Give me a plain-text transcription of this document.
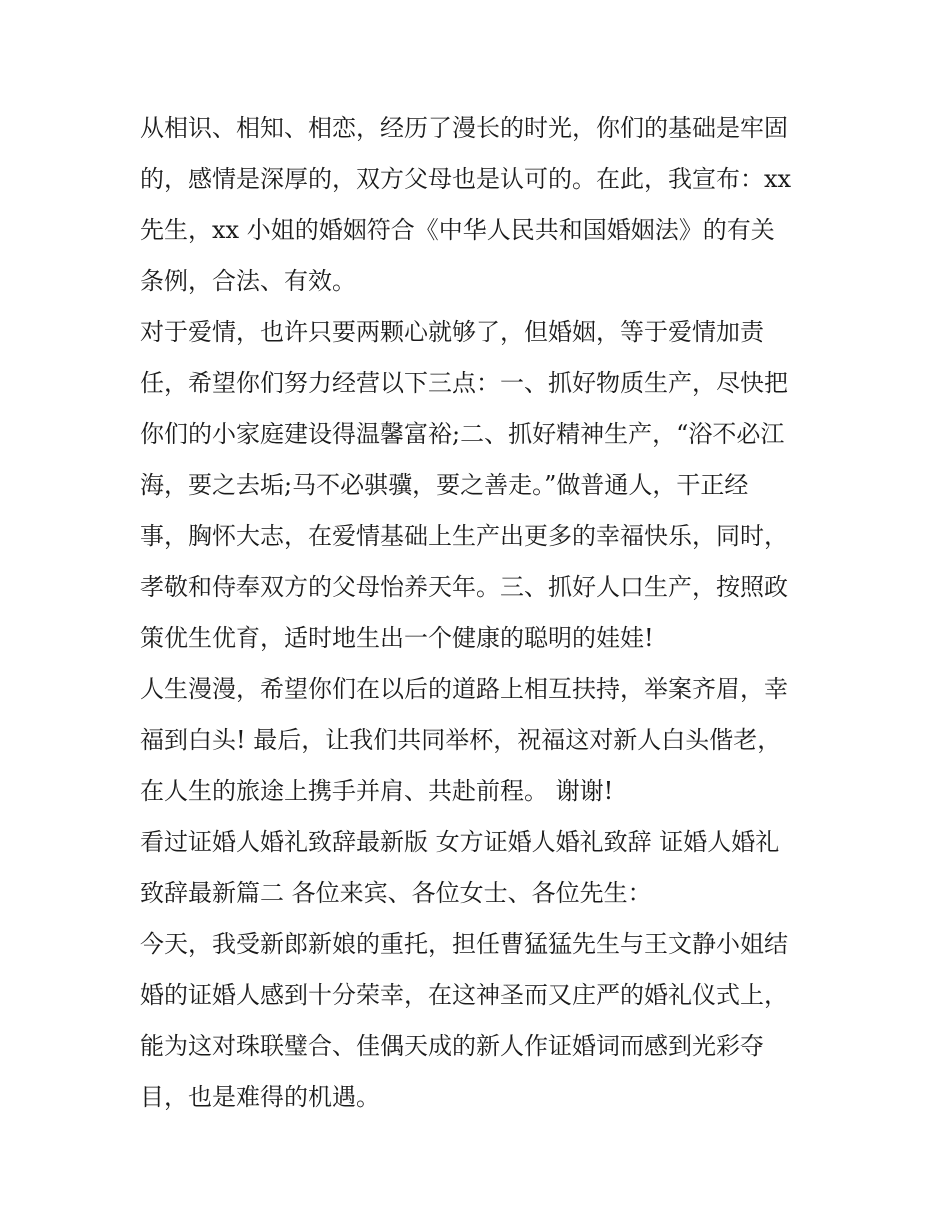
从相识、相知、相恋，经历了漫长的时光，你们的基础是牢固
的，感情是深厚的，双方父母也是认可的。在此，我宣布：xx
先生，xx 小姐的婚姻符合《中华人民共和国婚姻法》的有关
条例，合法、有效。
对于爱情，也许只要两颗心就够了，但婚姻，等于爱情加责
任，希望你们努力经营以下三点：一、抓好物质生产，尽快把
你们的小家庭建设得温馨富裕;二、抓好精神生产，“浴不必江
海，要之去垢;马不必骐骥，要之善走。”做普通人，干正经
事，胸怀大志，在爱情基础上生产出更多的幸福快乐，同时，
孝敬和侍奉双方的父母怡养天年。三、抓好人口生产，按照政
策优生优育，适时地生出一个健康的聪明的娃娃!
人生漫漫，希望你们在以后的道路上相互扶持，举案齐眉，幸
福到白头! 最后，让我们共同举杯，祝福这对新人白头偕老，
在人生的旅途上携手并肩、共赴前程。 谢谢!
看过证婚人婚礼致辞最新版 女方证婚人婚礼致辞 证婚人婚礼
致辞最新篇二 各位来宾、各位女士、各位先生：
今天，我受新郎新娘的重托，担任曹猛猛先生与王文静小姐结
婚的证婚人感到十分荣幸，在这神圣而又庄严的婚礼仪式上，
能为这对珠联璧合、佳偶天成的新人作证婚词而感到光彩夺
目，也是难得的机遇。
